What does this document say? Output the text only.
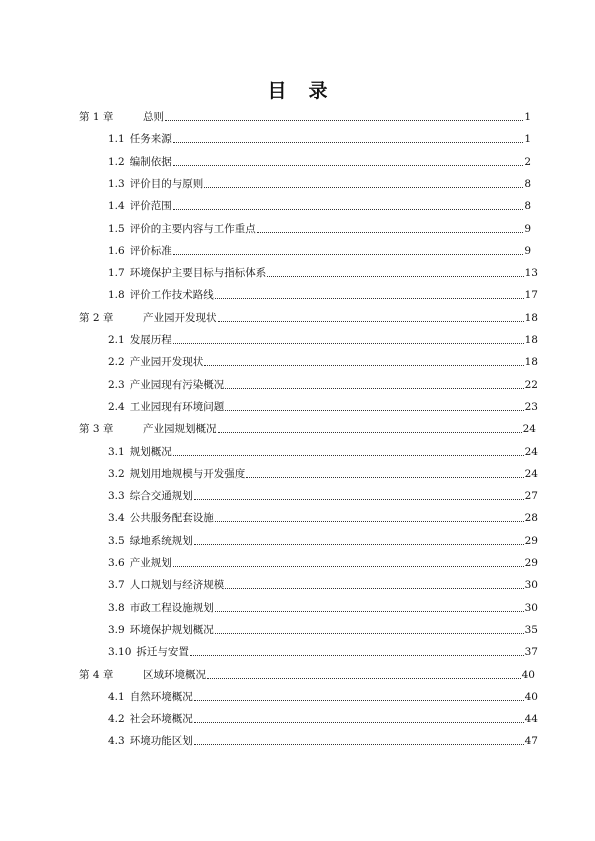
目录
第 1 章	总则	1
1.1 任务来源	1
1.2 编制依据	2
1.3 评价目的与原则	8
1.4 评价范围	8
1.5 评价的主要内容与工作重点	9
1.6 评价标准	9
1.7 环境保护主要目标与指标体系	13
1.8 评价工作技术路线	17
第 2 章	产业园开发现状	18
2.1 发展历程	18
2.2 产业园开发现状	18
2.3 产业园现有污染概况	22
2.4 工业园现有环境问题	23
第 3 章	产业园规划概况	24
3.1 规划概况	24
3.2 规划用地规模与开发强度	24
3.3 综合交通规划	27
3.4 公共服务配套设施	28
3.5 绿地系统规划	29
3.6 产业规划	29
3.7 人口规划与经济规模	30
3.8 市政工程设施规划	30
3.9 环境保护规划概况	35
3.10 拆迁与安置	37
第 4 章	区域环境概况	40
4.1 自然环境概况	40
4.2 社会环境概况	44
4.3 环境功能区划	47
